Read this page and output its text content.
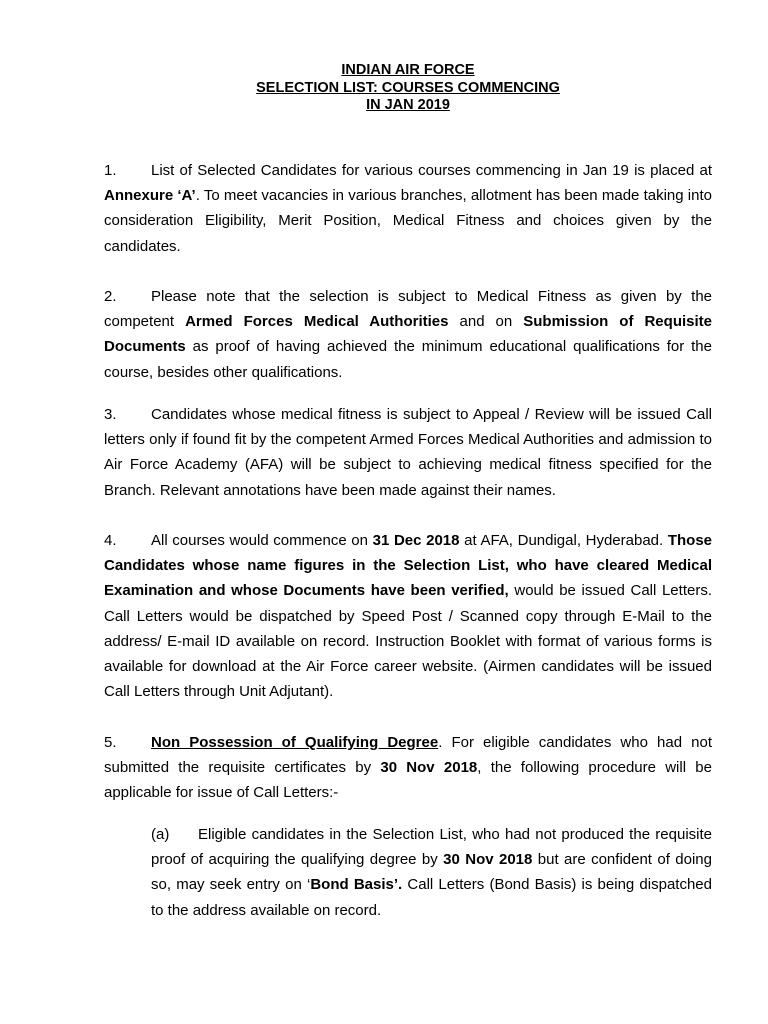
INDIAN AIR FORCE
SELECTION LIST: COURSES COMMENCING
IN JAN 2019
1. List of Selected Candidates for various courses commencing in Jan 19 is placed at Annexure ‘A’. To meet vacancies in various branches, allotment has been made taking into consideration Eligibility, Merit Position, Medical Fitness and choices given by the candidates.
2. Please note that the selection is subject to Medical Fitness as given by the competent Armed Forces Medical Authorities and on Submission of Requisite Documents as proof of having achieved the minimum educational qualifications for the course, besides other qualifications.
3. Candidates whose medical fitness is subject to Appeal / Review will be issued Call letters only if found fit by the competent Armed Forces Medical Authorities and admission to Air Force Academy (AFA) will be subject to achieving medical fitness specified for the Branch. Relevant annotations have been made against their names.
4. All courses would commence on 31 Dec 2018 at AFA, Dundigal, Hyderabad. Those Candidates whose name figures in the Selection List, who have cleared Medical Examination and whose Documents have been verified, would be issued Call Letters. Call Letters would be dispatched by Speed Post / Scanned copy through E-Mail to the address/ E-mail ID available on record. Instruction Booklet with format of various forms is available for download at the Air Force career website. (Airmen candidates will be issued Call Letters through Unit Adjutant).
5. Non Possession of Qualifying Degree. For eligible candidates who had not submitted the requisite certificates by 30 Nov 2018, the following procedure will be applicable for issue of Call Letters:-
(a) Eligible candidates in the Selection List, who had not produced the requisite proof of acquiring the qualifying degree by 30 Nov 2018 but are confident of doing so, may seek entry on ‘Bond Basis’. Call Letters (Bond Basis) is being dispatched to the address available on record.
